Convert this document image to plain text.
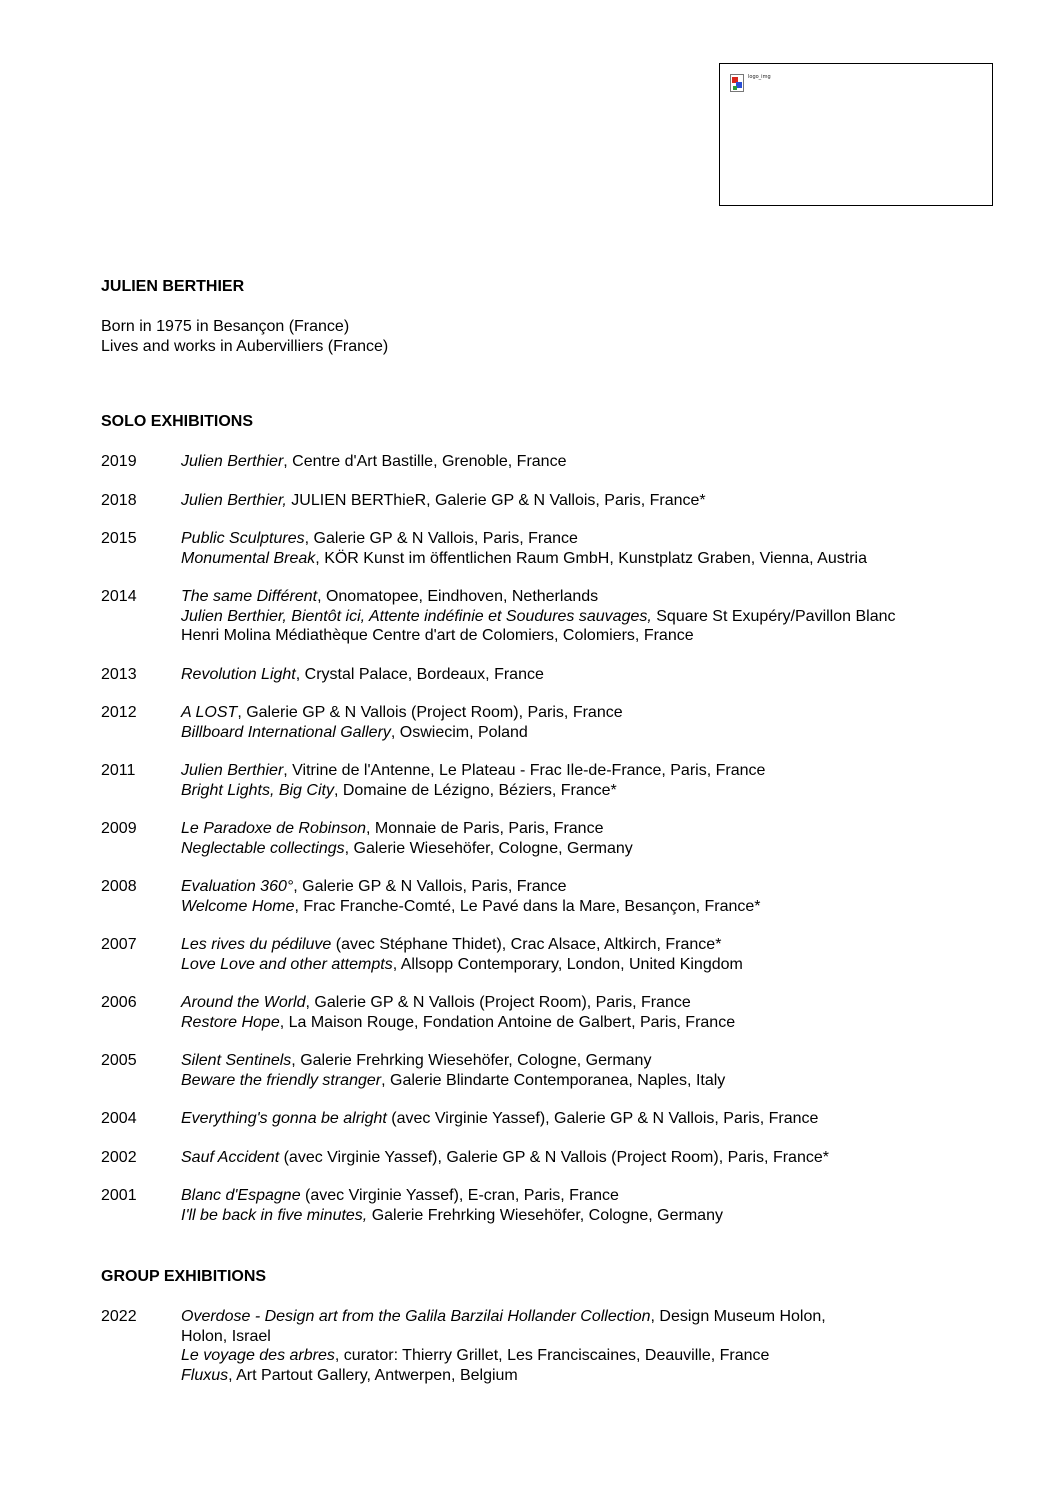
logo_img
JULIEN BERTHIER
Born in 1975 in Besançon (France)
Lives and works in Aubervilliers (France)
SOLO EXHIBITIONS
2019	Julien Berthier, Centre d'Art Bastille, Grenoble, France
2018	Julien Berthier, JULIEN BERThieR, Galerie GP & N Vallois, Paris, France*
2015	Public Sculptures, Galerie GP & N Vallois, Paris, France
Monumental Break, KÖR Kunst im öffentlichen Raum GmbH, Kunstplatz Graben, Vienna, Austria
2014	The same Différent, Onomatopee, Eindhoven, Netherlands
Julien Berthier, Bientôt ici, Attente indéfinie et Soudures sauvages, Square St Exupéry/Pavillon Blanc
Henri Molina Médiathèque Centre d'art de Colomiers, Colomiers, France
2013	Revolution Light, Crystal Palace, Bordeaux, France
2012	A LOST, Galerie GP & N Vallois (Project Room), Paris, France
Billboard International Gallery, Oswiecim, Poland
2011	Julien Berthier, Vitrine de l'Antenne, Le Plateau - Frac Ile-de-France, Paris, France
Bright Lights, Big City, Domaine de Lézigno, Béziers, France*
2009	Le Paradoxe de Robinson, Monnaie de Paris, Paris, France
Neglectable collectings, Galerie Wiesehöfer, Cologne, Germany
2008	Evaluation 360°, Galerie GP & N Vallois, Paris, France
Welcome Home, Frac Franche-Comté, Le Pavé dans la Mare, Besançon, France*
2007	Les rives du pédiluve (avec Stéphane Thidet), Crac Alsace, Altkirch, France*
Love Love and other attempts, Allsopp Contemporary, London, United Kingdom
2006	Around the World, Galerie GP & N Vallois (Project Room), Paris, France
Restore Hope, La Maison Rouge, Fondation Antoine de Galbert, Paris, France
2005	Silent Sentinels, Galerie Frehrking Wiesehöfer, Cologne, Germany
Beware the friendly stranger, Galerie Blindarte Contemporanea, Naples, Italy
2004	Everything's gonna be alright (avec Virginie Yassef), Galerie GP & N Vallois, Paris, France
2002	Sauf Accident (avec Virginie Yassef), Galerie GP & N Vallois (Project Room), Paris, France*
2001	Blanc d'Espagne (avec Virginie Yassef), E-cran, Paris, France
I'll be back in five minutes, Galerie Frehrking Wiesehöfer, Cologne, Germany
GROUP EXHIBITIONS
2022	Overdose - Design art from the Galila Barzilai Hollander Collection, Design Museum Holon,
Holon, Israel
Le voyage des arbres, curator: Thierry Grillet, Les Franciscaines, Deauville, France
Fluxus, Art Partout Gallery, Antwerpen, Belgium
